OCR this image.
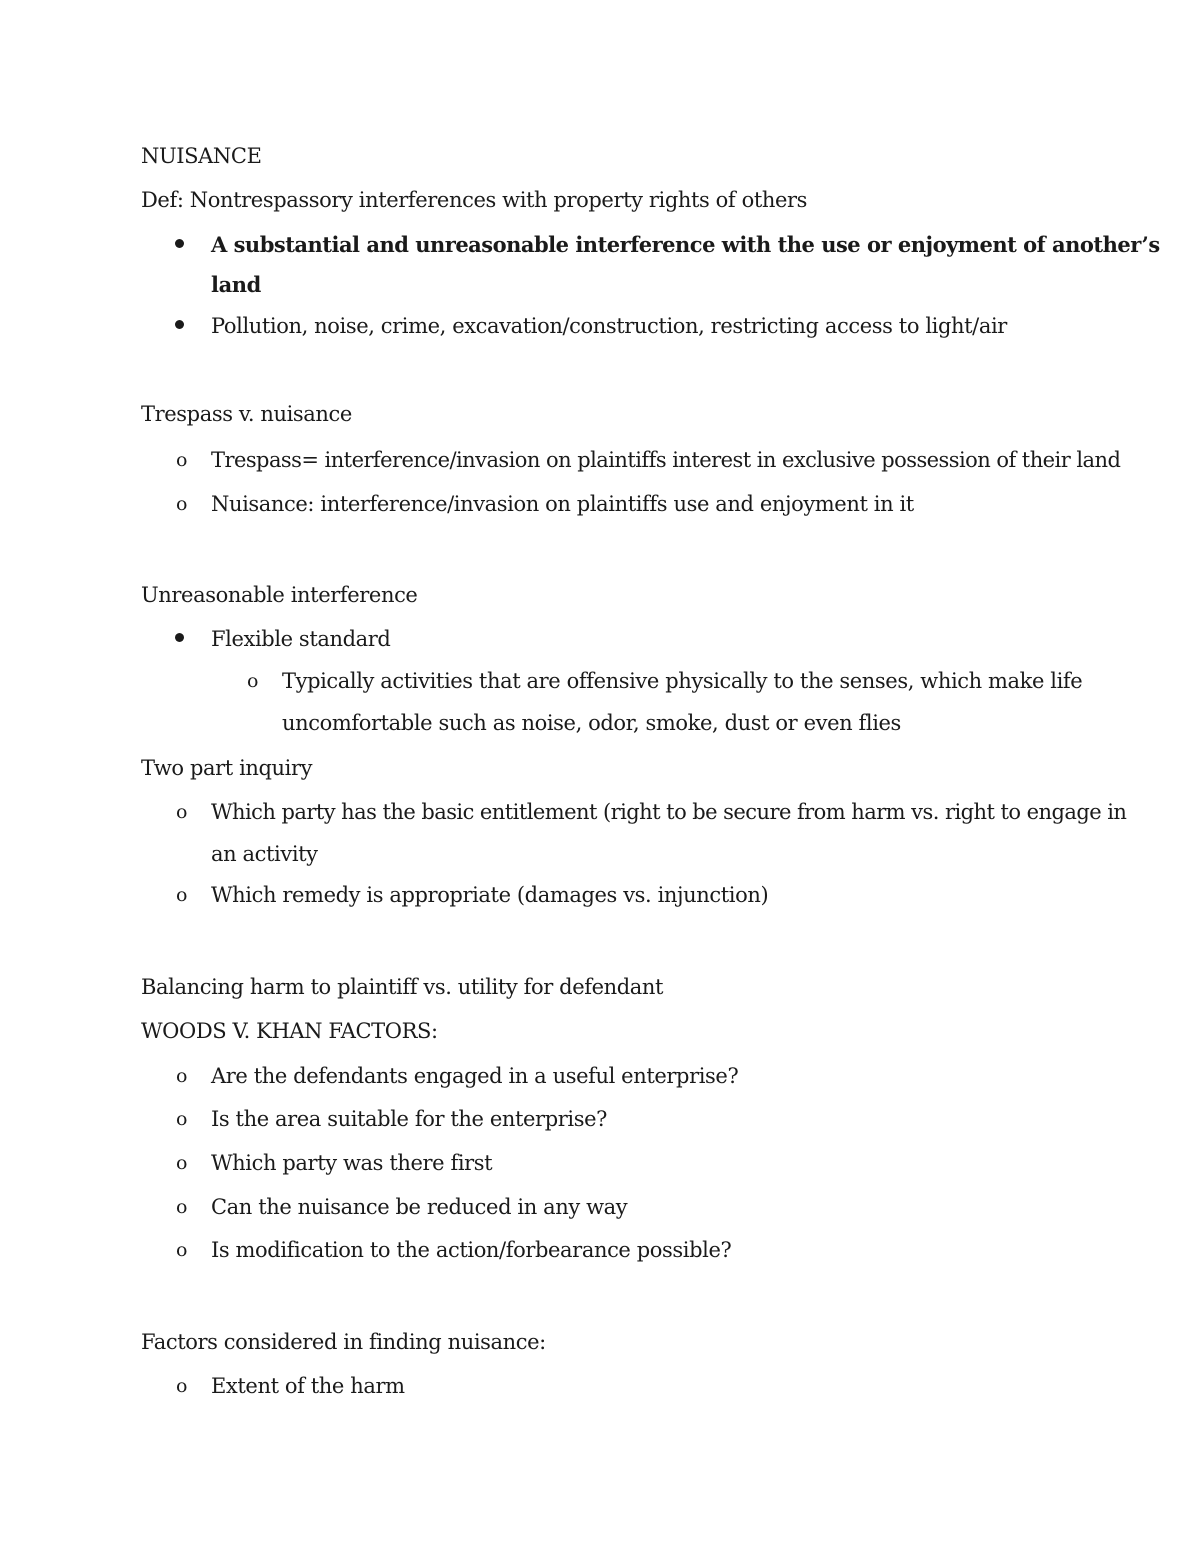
NUISANCE
Def: Nontrespassory interferences with property rights of others
A substantial and unreasonable interference with the use or enjoyment of another’s
land
Pollution, noise, crime, excavation/construction, restricting access to light/air
Trespass v. nuisance
o Trespass= interference/invasion on plaintiffs interest in exclusive possession of their land
o Nuisance: interference/invasion on plaintiffs use and enjoyment in it
Unreasonable interference
Flexible standard
o Typically activities that are offensive physically to the senses, which make life
uncomfortable such as noise, odor, smoke, dust or even flies
Two part inquiry
o Which party has the basic entitlement (right to be secure from harm vs. right to engage in
an activity
o Which remedy is appropriate (damages vs. injunction)
Balancing harm to plaintiff vs. utility for defendant
WOODS V. KHAN FACTORS:
o Are the defendants engaged in a useful enterprise?
o Is the area suitable for the enterprise?
o Which party was there first
o Can the nuisance be reduced in any way
o Is modification to the action/forbearance possible?
Factors considered in finding nuisance:
o Extent of the harm
